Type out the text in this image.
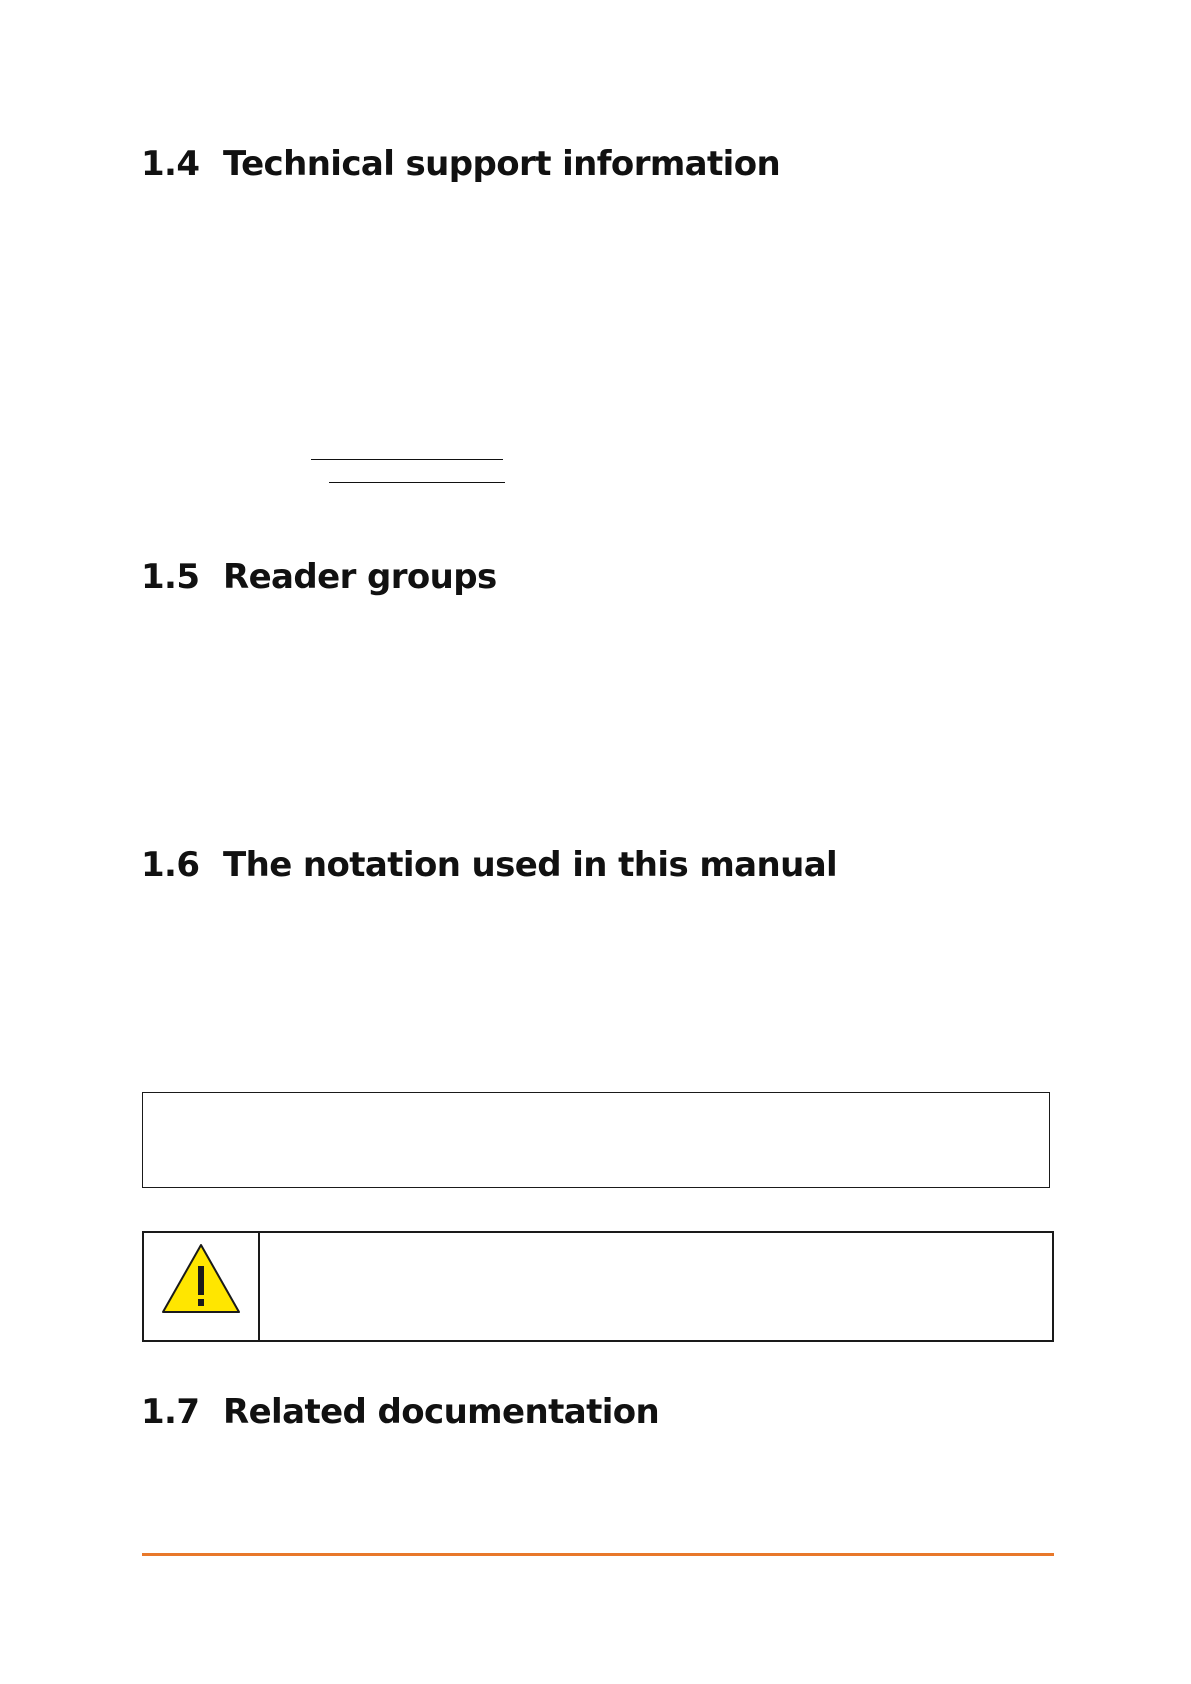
1.4 Technical support information
1.5 Reader groups
1.6 The notation used in this manual
1.7 Related documentation
